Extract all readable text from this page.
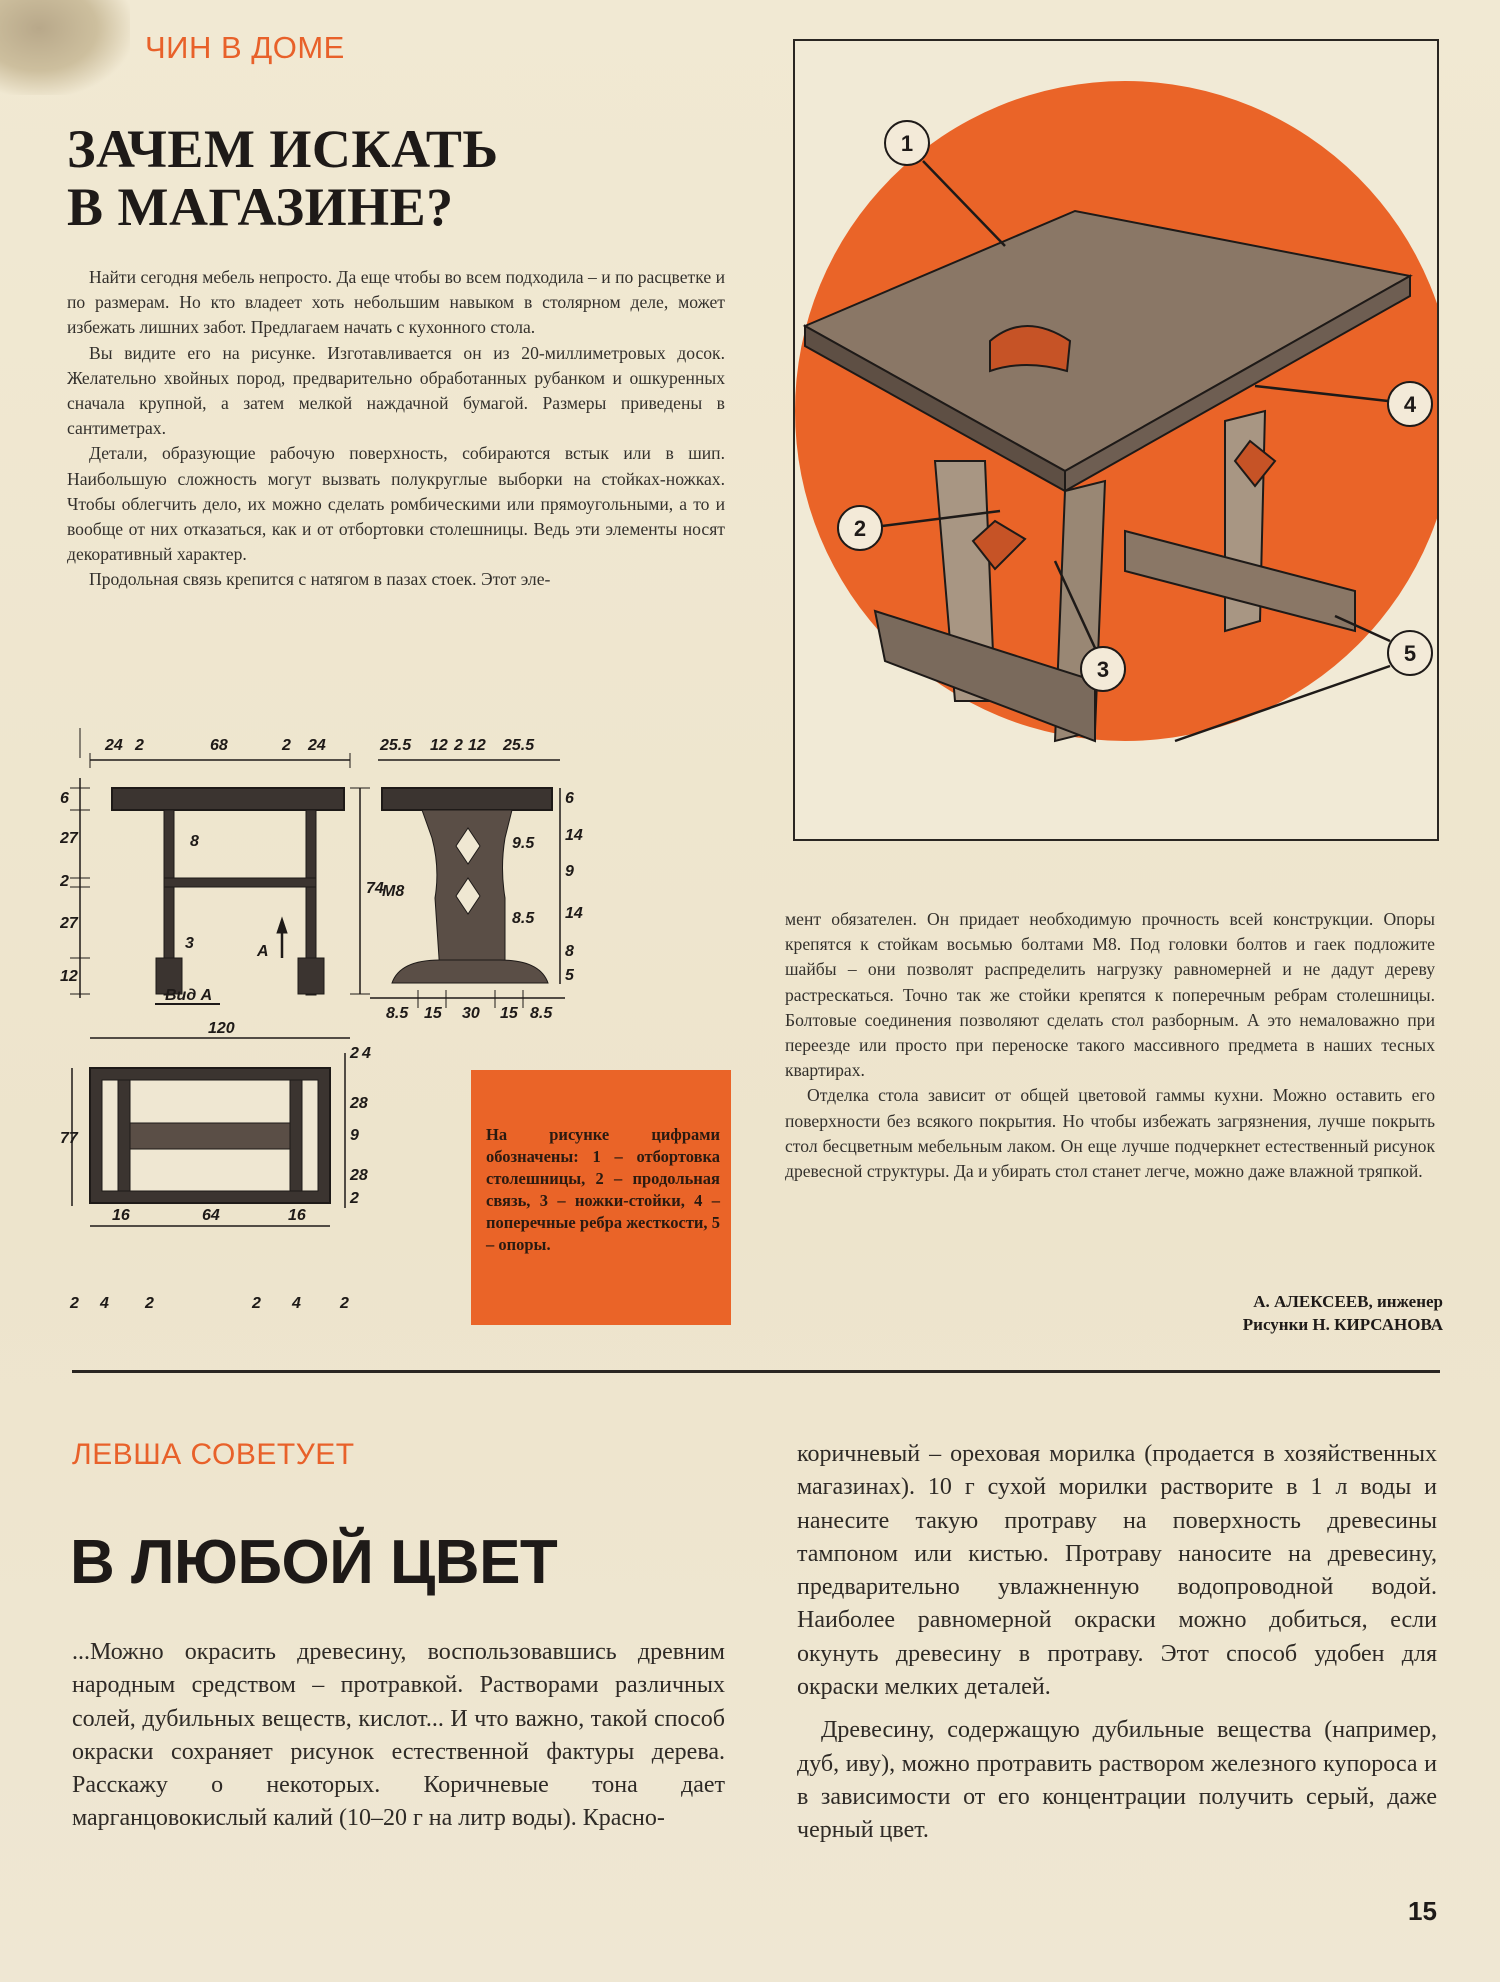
ЧИН В ДОМЕ
ЗАЧЕМ ИСКАТЬ
В МАГАЗИНЕ?

Найти сегодня мебель непросто. Да еще чтобы во всем подходила – и по расцветке и по размерам. Но кто владеет хоть небольшим навыком в столярном деле, может избежать лишних забот. Предлагаем начать с кухонного стола.

Вы видите его на рисунке. Изготавливается он из 20-миллиметровых досок. Желательно хвойных пород, предварительно обработанных рубанком и ошкуренных сначала крупной, а затем мелкой наждачной бумагой. Размеры приведены в сантиметрах.

Детали, образующие рабочую поверхность, собираются встык или в шип. Наибольшую сложность могут вызвать полукруглые выборки на стойках-ножках. Чтобы облегчить дело, их можно сделать ромбическими или прямоугольными, а то и вообще от них отказаться, как и от отбортовки столешницы. Ведь эти элементы носят декоративный характер.

Продольная связь крепится с натягом в пазах стоек. Этот эле-

24 2	68	2 24
6
27
2
27
12
8
3
74
А
Вид А
25.5 12 2 12 25.5
6
14
9
14
8
5
9.5
8.5
М8
8.5 15 30 15 8.5
120
77
2 4
28
9
28
2
16	64	16
2 4 2	2 4 2
1
2
3
4
5
На рисунке цифрами обозначены: 1 – отбортовка столешницы, 2 – продольная связь, 3 – ножки-стойки, 4 – поперечные ребра жесткости, 5 – опоры.

мент обязателен. Он придает необходимую прочность всей конструкции. Опоры крепятся к стойкам восьмью болтами М8. Под головки болтов и гаек подложите шайбы – они позволят распределить нагрузку равномерней и не дадут дереву растрескаться. Точно так же стойки крепятся к поперечным ребрам столешницы. Болтовые соединения позволяют сделать стол разборным. А это немаловажно при переезде или просто при переноске такого массивного предмета в наших тесных квартирах.

Отделка стола зависит от общей цветовой гаммы кухни. Можно оставить его поверхности без всякого покрытия. Но чтобы избежать загрязнения, лучше покрыть стол бесцветным мебельным лаком. Он еще лучше подчеркнет естественный рисунок древесной структуры. Да и убирать стол станет легче, можно даже влажной тряпкой.

А. АЛЕКСЕЕВ, инженер
Рисунки Н. КИРСАНОВА
ЛЕВША СОВЕТУЕТ
В ЛЮБОЙ ЦВЕТ

...Можно окрасить древесину, воспользовавшись древним народным средством – протравкой. Растворами различных солей, дубильных веществ, кислот... И что важно, такой способ окраски сохраняет рисунок естественной фактуры дерева. Расскажу о некоторых. Коричневые тона дает марганцовокислый калий (10–20 г на литр воды). Красно-

коричневый – ореховая морилка (продается в хозяйственных магазинах). 10 г сухой морилки растворите в 1 л воды и нанесите такую протраву на поверхность древесины тампоном или кистью. Протраву наносите на древесину, предварительно увлажненную водопроводной водой. Наиболее равномерной окраски можно добиться, если окунуть древесину в протраву. Этот способ удобен для окраски мелких деталей.

Древесину, содержащую дубильные вещества (например, дуб, иву), можно протравить раствором железного купороса и в зависимости от его концентрации получить серый, даже черный цвет.

15
